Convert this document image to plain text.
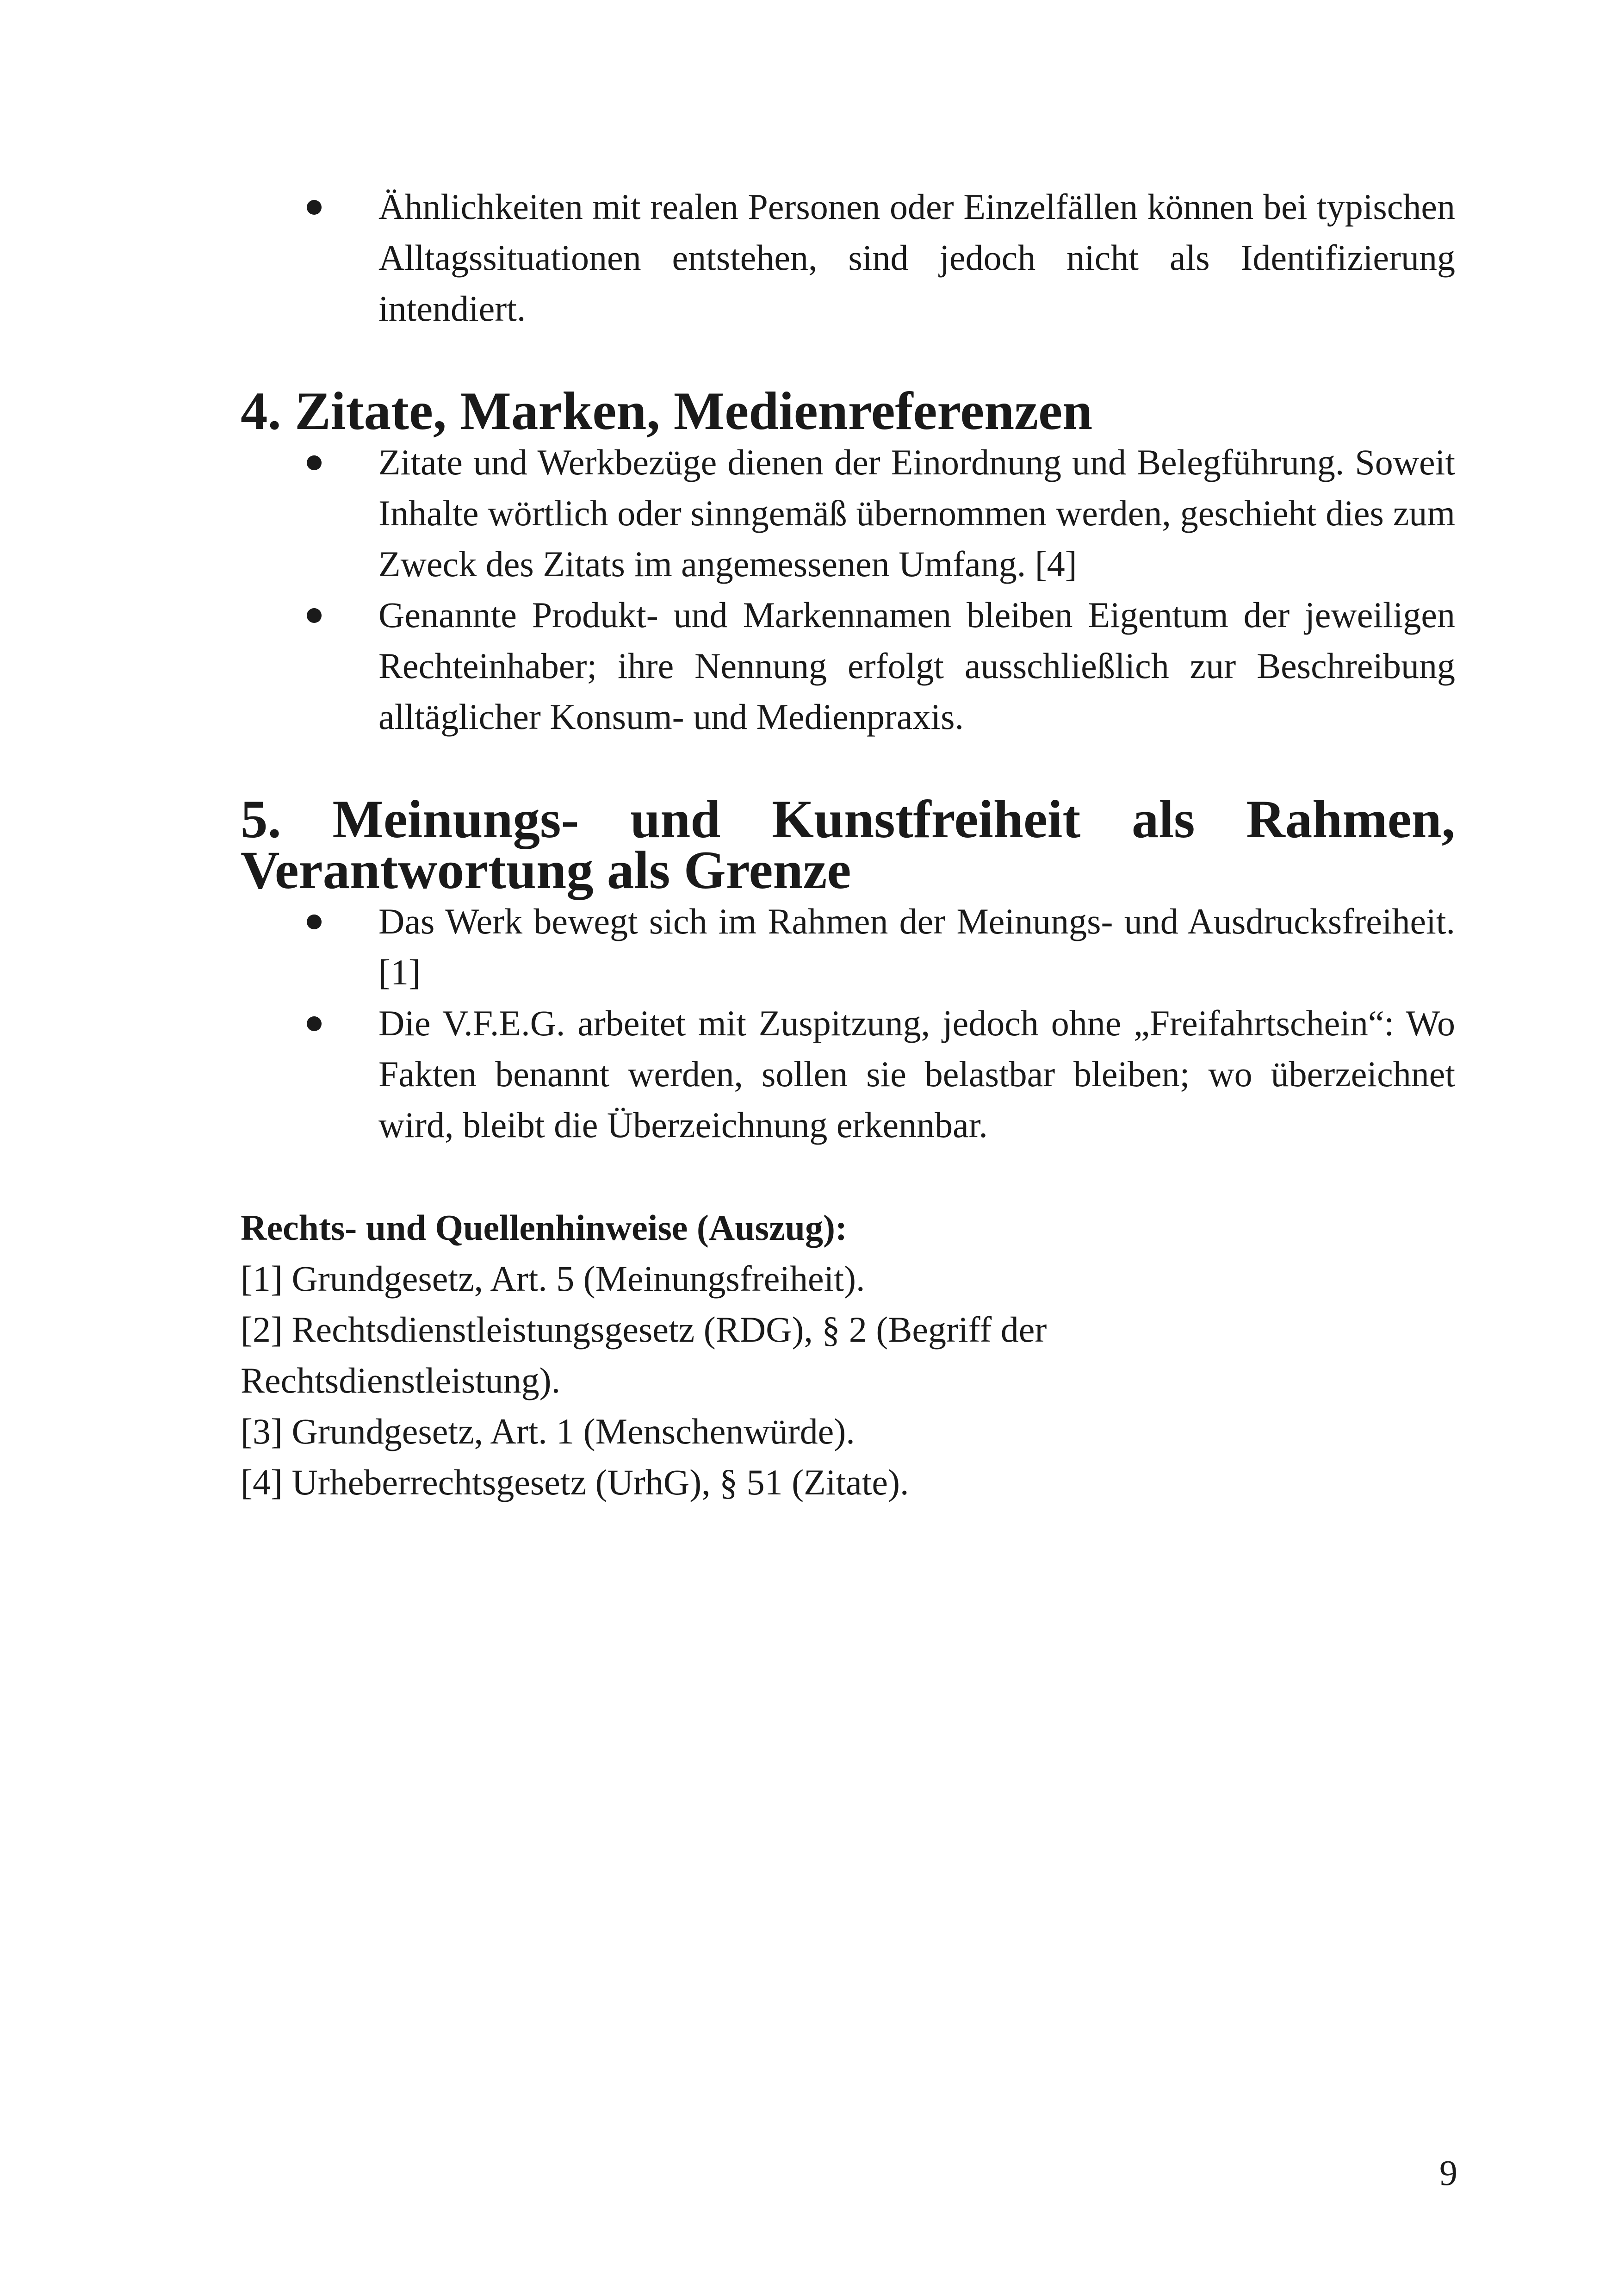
Ähnlichkeiten mit realen Personen oder Einzelfällen können bei typischen Alltagssituationen entstehen, sind jedoch nicht als Identifizierung intendiert.
4. Zitate, Marken, Medienreferenzen
Zitate und Werkbezüge dienen der Einordnung und Belegführung. Soweit Inhalte wörtlich oder sinngemäß übernommen werden, geschieht dies zum Zweck des Zitats im angemessenen Umfang. [4]
Genannte Produkt- und Markennamen bleiben Eigentum der jeweiligen Rechteinhaber; ihre Nennung erfolgt ausschließlich zur Beschreibung alltäglicher Konsum- und Medienpraxis.
5. Meinungs- und Kunstfreiheit als Rahmen, Verantwortung als Grenze
Das Werk bewegt sich im Rahmen der Meinungs- und Ausdrucksfreiheit. [1]
Die V.F.E.G. arbeitet mit Zuspitzung, jedoch ohne „Freifahrtschein“: Wo Fakten benannt werden, sollen sie belastbar bleiben; wo überzeichnet wird, bleibt die Überzeichnung erkennbar.
Rechts- und Quellenhinweise (Auszug):
[1] Grundgesetz, Art. 5 (Meinungsfreiheit).
[2] Rechtsdienstleistungsgesetz (RDG), § 2 (Begriff der Rechtsdienstleistung).
[3] Grundgesetz, Art. 1 (Menschenwürde).
[4] Urheberrechtsgesetz (UrhG), § 51 (Zitate).
9
